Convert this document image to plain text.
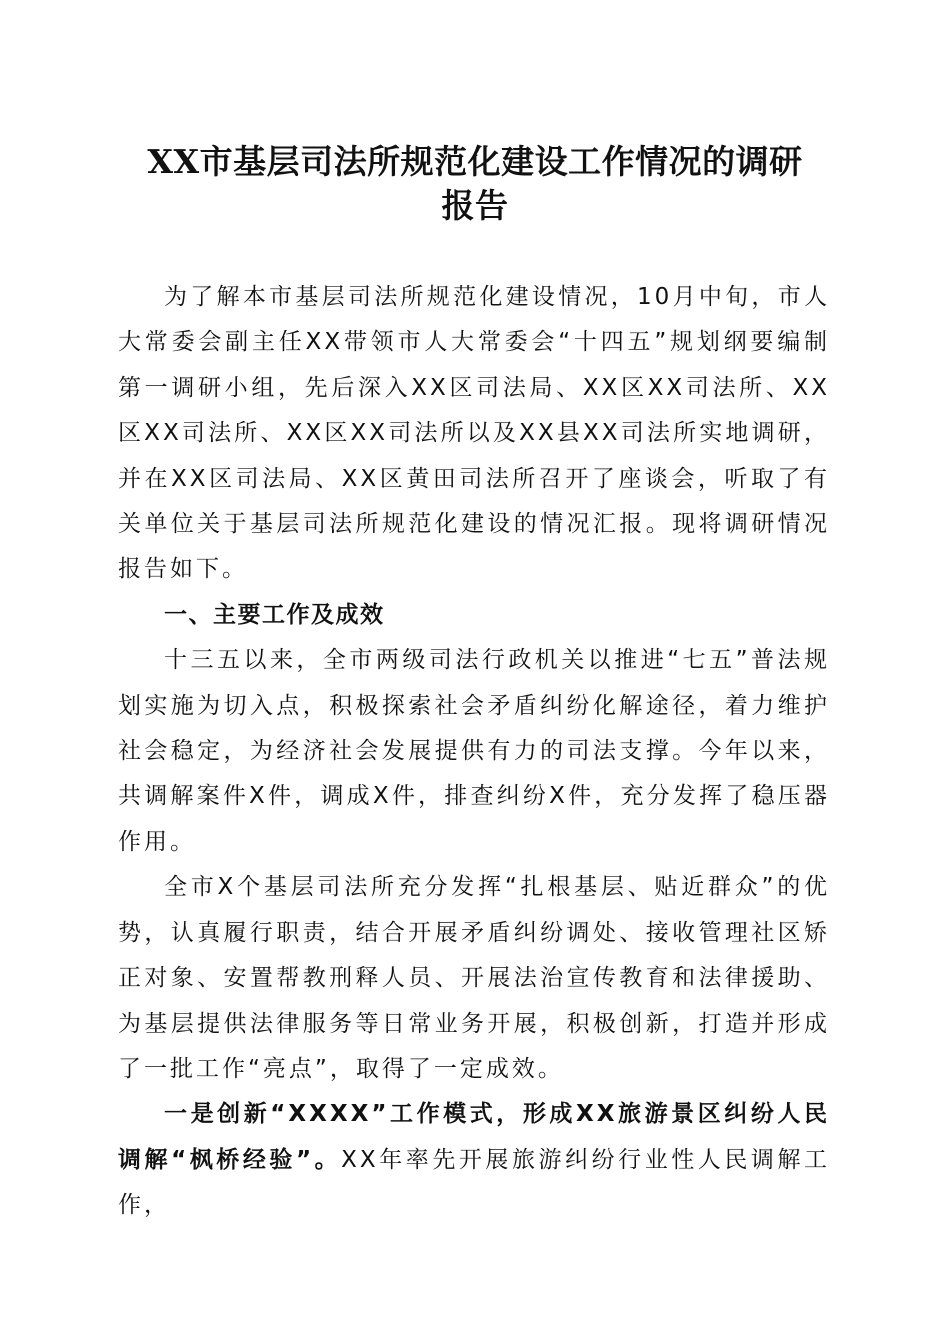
XX市基层司法所规范化建设工作情况的调研
报告

为了解本市基层司法所规范化建设情况，10月中旬，市人大常委会副主任XX带领市人大常委会“十四五”规划纲要编制第一调研小组，先后深入XX区司法局、XX区XX司法所、XX区XX司法所、XX区XX司法所以及XX县XX司法所实地调研，并在XX区司法局、XX区黄田司法所召开了座谈会，听取了有关单位关于基层司法所规范化建设的情况汇报。现将调研情况报告如下。

一、主要工作及成效

十三五以来，全市两级司法行政机关以推进“七五”普法规划实施为切入点，积极探索社会矛盾纠纷化解途径，着力维护社会稳定，为经济社会发展提供有力的司法支撑。今年以来，共调解案件X件，调成X件，排查纠纷X件，充分发挥了稳压器作用。

全市X个基层司法所充分发挥“扎根基层、贴近群众”的优势，认真履行职责，结合开展矛盾纠纷调处、接收管理社区矫正对象、安置帮教刑释人员、开展法治宣传教育和法律援助、为基层提供法律服务等日常业务开展，积极创新，打造并形成了一批工作“亮点”，取得了一定成效。

一是创新“XXXX”工作模式，形成XX旅游景区纠纷人民调解“枫桥经验”。XX年率先开展旅游纠纷行业性人民调解工作，
